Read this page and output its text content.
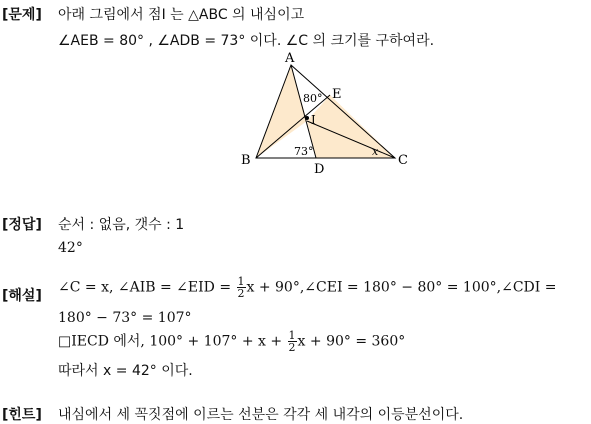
[문제] 아래 그림에서 점I 는 △ABC 의 내심이고
∠AEB = 80° , ∠ADB = 73° 이다. ∠C 의 크기를 구하여라.
A
B	C
D
E
I
80°
73°	x
[정답] 순서 : 없음, 갯수 : 1
42°
[해설]
∠C = x, ∠AIB = ∠EID = $\frac{1}{2}$ x + 90°,∠CEI = 180° − 80° = 100°,∠CDI =
180° − 73° = 107°
□IECD 에서, $100^\circ + 107^\circ + x + \frac{1}{2}$ x + 90° = 360°
따라서 x = 42° 이다.
[힌트] 내심에서 세 꼭짓점에 이르는 선분은 각각 세 내각의 이등분선이다.
